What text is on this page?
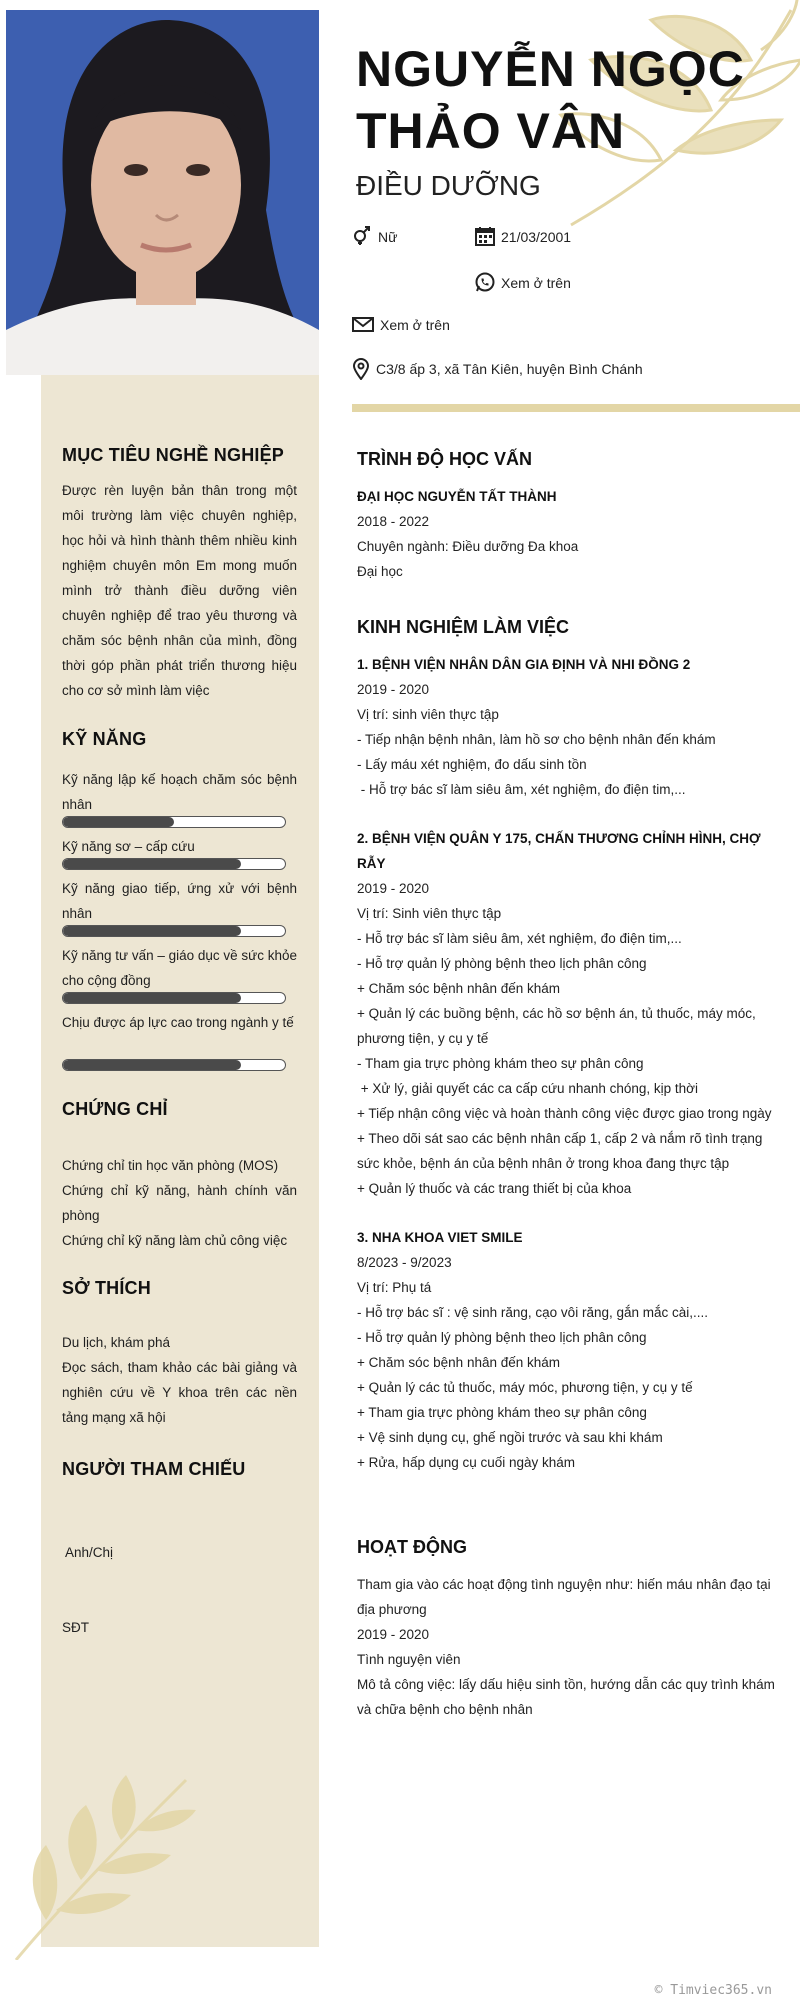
NGUYỄN NGỌC THẢO VÂN
ĐIỀU DƯỠNG
Nữ	21/03/2001
Xem ở trên
Xem ở trên
C3/8 ấp 3, xã Tân Kiên, huyện Bình Chánh
MỤC TIÊU NGHỀ NGHIỆP
Được rèn luyện bản thân trong một môi trường làm việc chuyên nghiệp, học hỏi và hình thành thêm nhiều kinh nghiệm chuyên môn Em mong muốn mình trở thành điều dưỡng viên chuyên nghiệp để trao yêu thương và chăm sóc bệnh nhân của mình, đồng thời góp phần phát triển thương hiệu cho cơ sở mình làm việc
KỸ NĂNG
Kỹ năng lập kế hoạch chăm sóc bệnh nhân
Kỹ năng sơ – cấp cứu
Kỹ năng giao tiếp, ứng xử với bệnh nhân
Kỹ năng tư vấn – giáo dục về sức khỏe cho cộng đồng
Chịu được áp lực cao trong ngành y tế
CHỨNG CHỈ
Chứng chỉ tin học văn phòng (MOS)
Chứng chỉ kỹ năng, hành chính văn phòng
Chứng chỉ kỹ năng làm chủ công việc
SỞ THÍCH
Du lịch, khám phá
Đọc sách, tham khảo các bài giảng và nghiên cứu về Y khoa trên các nền tảng mạng xã hội
NGƯỜI THAM CHIẾU

Anh/Chị

SĐT

TRÌNH ĐỘ HỌC VẤN
ĐẠI HỌC NGUYỄN TẤT THÀNH
2018 - 2022
Chuyên ngành: Điều dưỡng Đa khoa
Đại học
KINH NGHIỆM LÀM VIỆC
1. BỆNH VIỆN NHÂN DÂN GIA ĐỊNH VÀ NHI ĐỒNG 2
2019 - 2020
Vị trí: sinh viên thực tập
- Tiếp nhận bệnh nhân, làm hồ sơ cho bệnh nhân đến khám
- Lấy máu xét nghiệm, đo dấu sinh tồn
- Hỗ trợ bác sĩ làm siêu âm, xét nghiệm, đo điện tim,...
2. BỆNH VIỆN QUÂN Y 175, CHẤN THƯƠNG CHỈNH HÌNH, CHỢ RẪY
2019 - 2020
Vị trí: Sinh viên thực tập
- Hỗ trợ bác sĩ làm siêu âm, xét nghiệm, đo điện tim,...
- Hỗ trợ quản lý phòng bệnh theo lịch phân công
+ Chăm sóc bệnh nhân đến khám
+ Quản lý các buồng bệnh, các hồ sơ bệnh án, tủ thuốc, máy móc, phương tiện, y cụ y tế
- Tham gia trực phòng khám theo sự phân công
+ Xử lý, giải quyết các ca cấp cứu nhanh chóng, kịp thời
+ Tiếp nhận công việc và hoàn thành công việc được giao trong ngày
+ Theo dõi sát sao các bệnh nhân cấp 1, cấp 2 và nắm rõ tình trạng sức khỏe, bệnh án của bệnh nhân ở trong khoa đang thực tập
+ Quản lý thuốc và các trang thiết bị của khoa
3. NHA KHOA VIET SMILE
8/2023 - 9/2023
Vị trí: Phụ tá
- Hỗ trợ bác sĩ : vệ sinh răng, cạo vôi răng, gắn mắc cài,....
- Hỗ trợ quản lý phòng bệnh theo lịch phân công
+ Chăm sóc bệnh nhân đến khám
+ Quản lý các tủ thuốc, máy móc, phương tiện, y cụ y tế
+ Tham gia trực phòng khám theo sự phân công
+ Vệ sinh dụng cụ, ghế ngồi trước và sau khi khám
+ Rửa, hấp dụng cụ cuối ngày khám
HOẠT ĐỘNG
Tham gia vào các hoạt động tình nguyện như: hiến máu nhân đạo tại địa phương
2019 - 2020
Tình nguyện viên
Mô tả công việc: lấy dấu hiệu sinh tồn, hướng dẫn các quy trình khám và chữa bệnh cho bệnh nhân
© Timviec365.vn
